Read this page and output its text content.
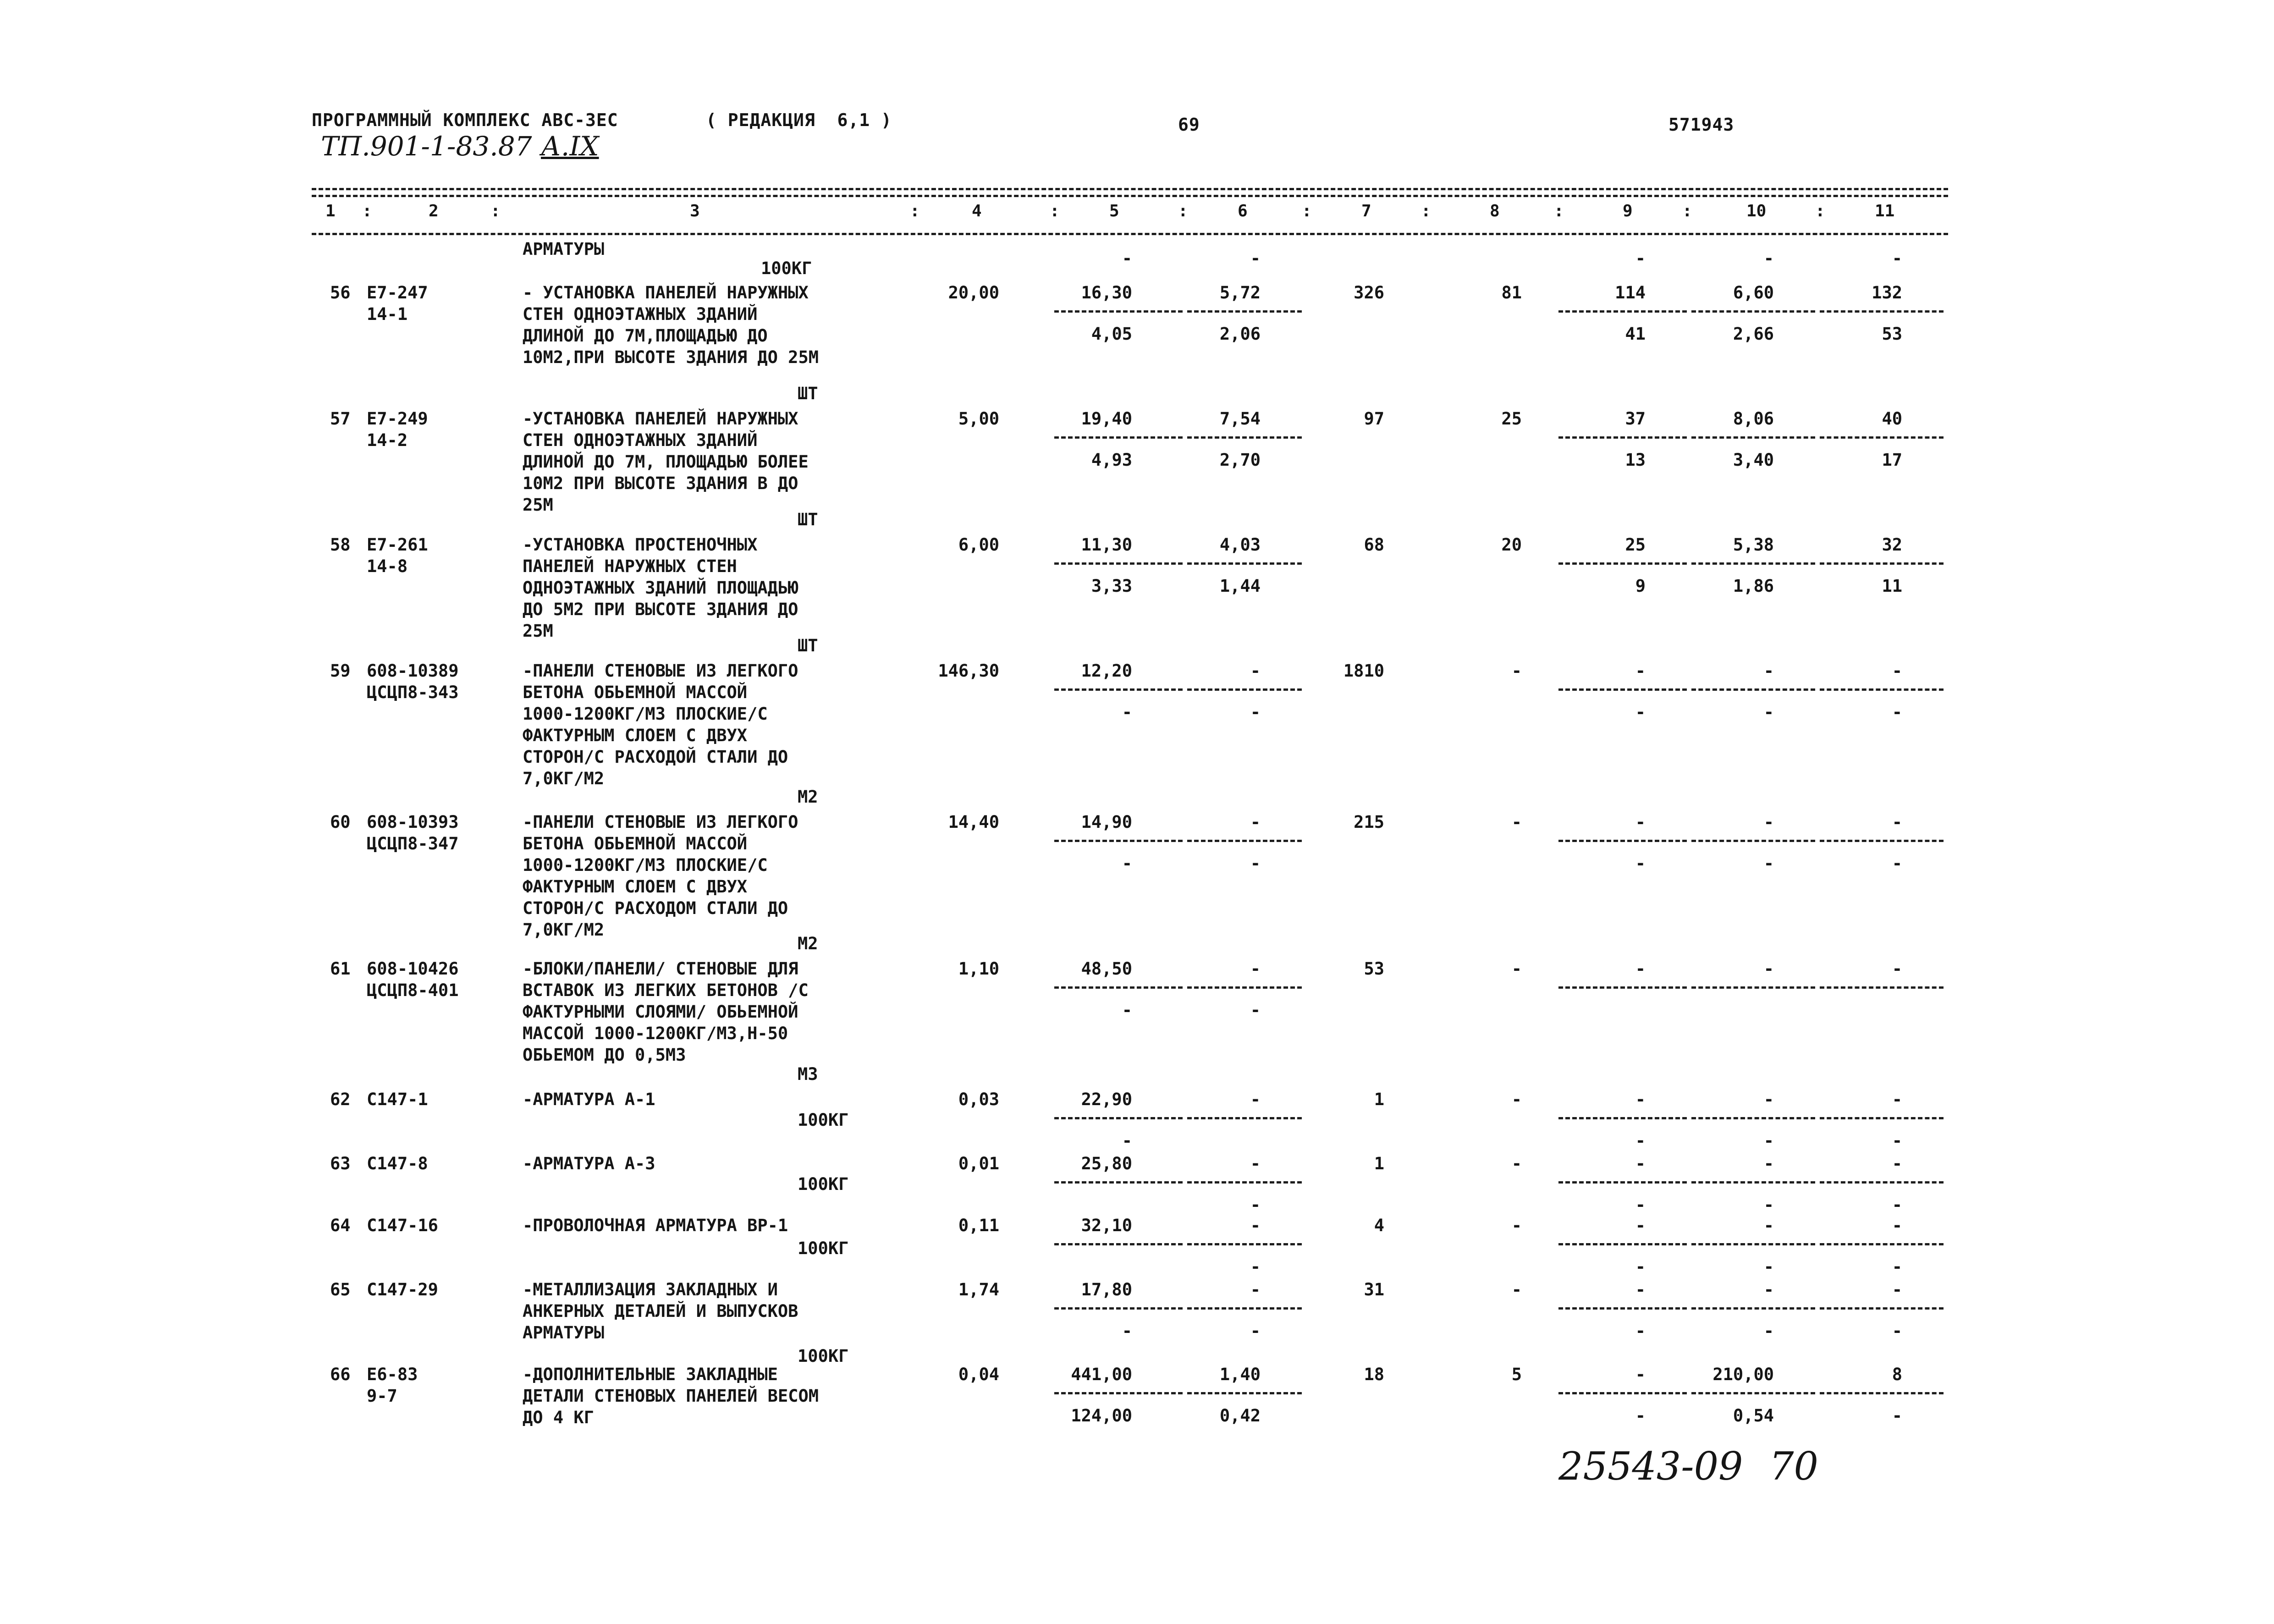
ПРОГРАММНЫЙ КОМПЛЕКС АВС-ЗЕС	( РЕДАКЦИЯ  6,1 )	69	571943
ТП.901-1-83.87 А.IX
1 :	2	:	3	:	4	:	5	:	6	:	7	:	8	:	9	:	10	:	11
АРМАТУРЫ
100КГ
-	-	-	-	-
56 Е7-247
14-1
- УСТАНОВКА ПАНЕЛЕЙ НАРУЖНЫХ
СТЕН ОДНОЭТАЖНЫХ ЗДАНИЙ
ДЛИНОЙ ДО 7М,ПЛОЩАДЬЮ ДО
10М2,ПРИ ВЫСОТЕ ЗДАНИЯ ДО 25М
ШТ
20,00	16,30	5,72	326	81	114	6,60	132
4,05	2,06	41	2,66	53
57 Е7-249
14-2
-УСТАНОВКА ПАНЕЛЕЙ НАРУЖНЫХ
СТЕН ОДНОЭТАЖНЫХ ЗДАНИЙ
ДЛИНОЙ ДО 7М, ПЛОЩАДЬЮ БОЛЕЕ
10М2 ПРИ ВЫСОТЕ ЗДАНИЯ В ДО
25М
ШТ
5,00	19,40	7,54	97	25	37	8,06	40
4,93	2,70	13	3,40	17
58 Е7-261
14-8
-УСТАНОВКА ПРОСТЕНОЧНЫХ
ПАНЕЛЕЙ НАРУЖНЫХ СТЕН
ОДНОЭТАЖНЫХ ЗДАНИЙ ПЛОЩАДЬЮ
ДО 5М2 ПРИ ВЫСОТЕ ЗДАНИЯ ДО
25М
ШТ
6,00	11,30	4,03	68	20	25	5,38	32
3,33	1,44	9	1,86	11
59 608-10389
ЦСЦП8-343
-ПАНЕЛИ СТЕНОВЫЕ ИЗ ЛЕГКОГО
БЕТОНА ОБЬЕМНОЙ МАССОЙ
1000-1200КГ/М3 ПЛОСКИЕ/С
ФАКТУРНЫМ СЛОЕМ С ДВУХ
СТОРОН/С РАСХОДОЙ СТАЛИ ДО
7,0КГ/М2
М2
146,30	12,20	-	1810	-	-	-	-
-	-	-	-	-
60 608-10393
ЦСЦП8-347
-ПАНЕЛИ СТЕНОВЫЕ ИЗ ЛЕГКОГО
БЕТОНА ОБЬЕМНОЙ МАССОЙ
1000-1200КГ/М3 ПЛОСКИЕ/С
ФАКТУРНЫМ СЛОЕМ С ДВУХ
СТОРОН/С РАСХОДОМ СТАЛИ ДО
7,0КГ/М2
М2
14,40	14,90	-	215	-	-	-	-
-	-	-	-	-
61 608-10426
ЦСЦП8-401
-БЛОКИ/ПАНЕЛИ/ СТЕНОВЫЕ ДЛЯ
ВСТАВОК ИЗ ЛЕГКИХ БЕТОНОВ /С
ФАКТУРНЫМИ СЛОЯМИ/ ОБЬЕМНОЙ
МАССОЙ 1000-1200КГ/М3,Н-50
ОБЬЕМОМ ДО 0,5М3
М3
1,10	48,50	-	53	-	-	-	-
-	-
62 С147-1	-АРМАТУРА А-1
100КГ
0,03	22,90	-	1	-	-	-	-
-	-	-	-
63 С147-8	-АРМАТУРА А-3
100КГ
0,01	25,80	-	1	-	-	-	-
-	-	-	-
64 С147-16	-ПРОВОЛОЧНАЯ АРМАТУРА ВР-1
100КГ
0,11	32,10	-	4	-	-	-	-
-	-	-	-
65 С147-29	-МЕТАЛЛИЗАЦИЯ ЗАКЛАДНЫХ И
АНКЕРНЫХ ДЕТАЛЕЙ И ВЫПУСКОВ
АРМАТУРЫ
100КГ
1,74	17,80	-	31	-	-	-	-
-	-	-	-	-
66 Е6-83
9-7
-ДОПОЛНИТЕЛЬНЫЕ ЗАКЛАДНЫЕ
ДЕТАЛИ СТЕНОВЫХ ПАНЕЛЕЙ ВЕСОМ
ДО 4 КГ
0,04	441,00	1,40	18	5	-	210,00	8
124,00	0,42	-	0,54	-
25543-09 70
